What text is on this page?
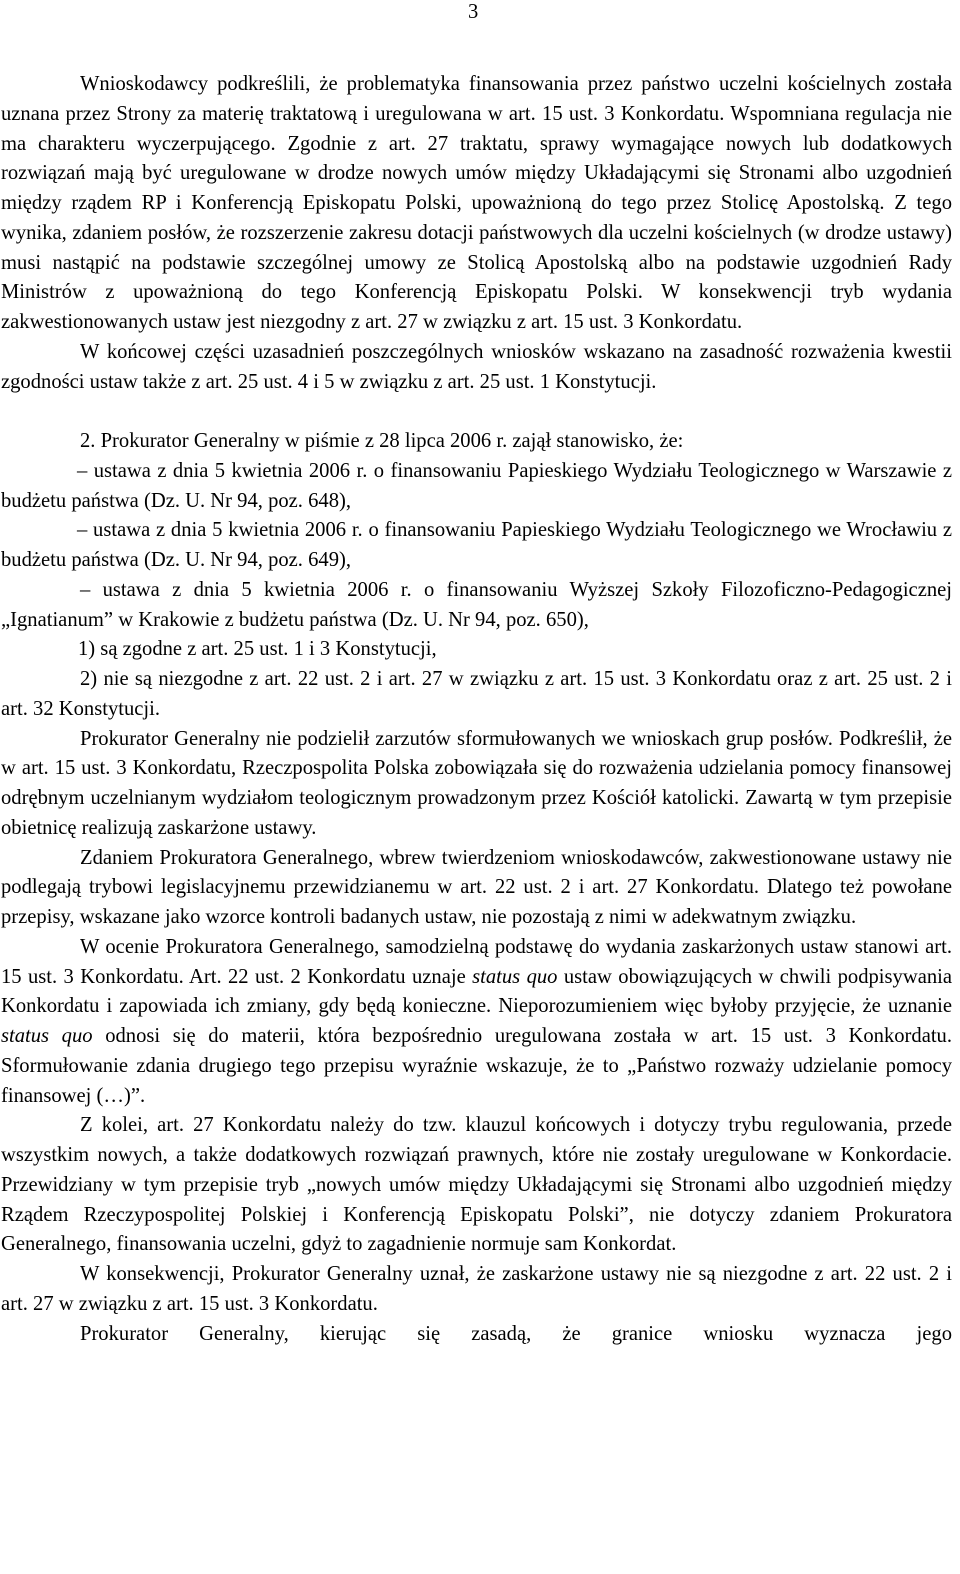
3

Wnioskodawcy podkreślili, że problematyka finansowania przez państwo uczelni kościelnych została uznana przez Strony za materię traktatową i uregulowana w art. 15 ust. 3 Konkordatu. Wspomniana regulacja nie ma charakteru wyczerpującego. Zgodnie z art. 27 traktatu, sprawy wymagające nowych lub dodatkowych rozwiązań mają być uregulowane w drodze nowych umów między Układającymi się Stronami albo uzgodnień między rządem RP i Konferencją Episkopatu Polski, upoważnioną do tego przez Stolicę Apostolską. Z tego wynika, zdaniem posłów, że rozszerzenie zakresu dotacji państwowych dla uczelni kościelnych (w drodze ustawy) musi nastąpić na podstawie szczególnej umowy ze Stolicą Apostolską albo na podstawie uzgodnień Rady Ministrów z upoważnioną do tego Konferencją Episkopatu Polski. W konsekwencji tryb wydania zakwestionowanych ustaw jest niezgodny z art. 27 w związku z art. 15 ust. 3 Konkordatu.

W końcowej części uzasadnień poszczególnych wniosków wskazano na zasadność rozważenia kwestii zgodności ustaw także z art. 25 ust. 4 i 5 w związku z art. 25 ust. 1 Konstytucji.

2. Prokurator Generalny w piśmie z 28 lipca 2006 r. zajął stanowisko, że:

– ustawa z dnia 5 kwietnia 2006 r. o finansowaniu Papieskiego Wydziału Teologicznego w Warszawie z budżetu państwa (Dz. U. Nr 94, poz. 648),

– ustawa z dnia 5 kwietnia 2006 r. o finansowaniu Papieskiego Wydziału Teologicznego we Wrocławiu z budżetu państwa (Dz. U. Nr 94, poz. 649),

– ustawa z dnia 5 kwietnia 2006 r. o finansowaniu Wyższej Szkoły Filozoficzno-Pedagogicznej „Ignatianum” w Krakowie z budżetu państwa (Dz. U. Nr 94, poz. 650),

1) są zgodne z art. 25 ust. 1 i 3 Konstytucji,

2) nie są niezgodne z art. 22 ust. 2 i art. 27 w związku z art. 15 ust. 3 Konkordatu oraz z art. 25 ust. 2 i art. 32 Konstytucji.

Prokurator Generalny nie podzielił zarzutów sformułowanych we wnioskach grup posłów. Podkreślił, że w art. 15 ust. 3 Konkordatu, Rzeczpospolita Polska zobowiązała się do rozważenia udzielania pomocy finansowej odrębnym uczelnianym wydziałom teologicznym prowadzonym przez Kościół katolicki. Zawartą w tym przepisie obietnicę realizują zaskarżone ustawy.

Zdaniem Prokuratora Generalnego, wbrew twierdzeniom wnioskodawców, zakwestionowane ustawy nie podlegają trybowi legislacyjnemu przewidzianemu w art. 22 ust. 2 i art. 27 Konkordatu. Dlatego też powołane przepisy, wskazane jako wzorce kontroli badanych ustaw, nie pozostają z nimi w adekwatnym związku.

W ocenie Prokuratora Generalnego, samodzielną podstawę do wydania zaskarżonych ustaw stanowi art. 15 ust. 3 Konkordatu. Art. 22 ust. 2 Konkordatu uznaje status quo ustaw obowiązujących w chwili podpisywania Konkordatu i zapowiada ich zmiany, gdy będą konieczne. Nieporozumieniem więc byłoby przyjęcie, że uznanie status quo odnosi się do materii, która bezpośrednio uregulowana została w art. 15 ust. 3 Konkordatu. Sformułowanie zdania drugiego tego przepisu wyraźnie wskazuje, że to „Państwo rozważy udzielanie pomocy finansowej (…)”.

Z kolei, art. 27 Konkordatu należy do tzw. klauzul końcowych i dotyczy trybu regulowania, przede wszystkim nowych, a także dodatkowych rozwiązań prawnych, które nie zostały uregulowane w Konkordacie. Przewidziany w tym przepisie tryb „nowych umów między Układającymi się Stronami albo uzgodnień między Rządem Rzeczypospolitej Polskiej i Konferencją Episkopatu Polski”, nie dotyczy zdaniem Prokuratora Generalnego, finansowania uczelni, gdyż to zagadnienie normuje sam Konkordat.

W konsekwencji, Prokurator Generalny uznał, że zaskarżone ustawy nie są niezgodne z art. 22 ust. 2 i art. 27 w związku z art. 15 ust. 3 Konkordatu.

Prokurator Generalny, kierując się zasadą, że granice wniosku wyznacza jego
